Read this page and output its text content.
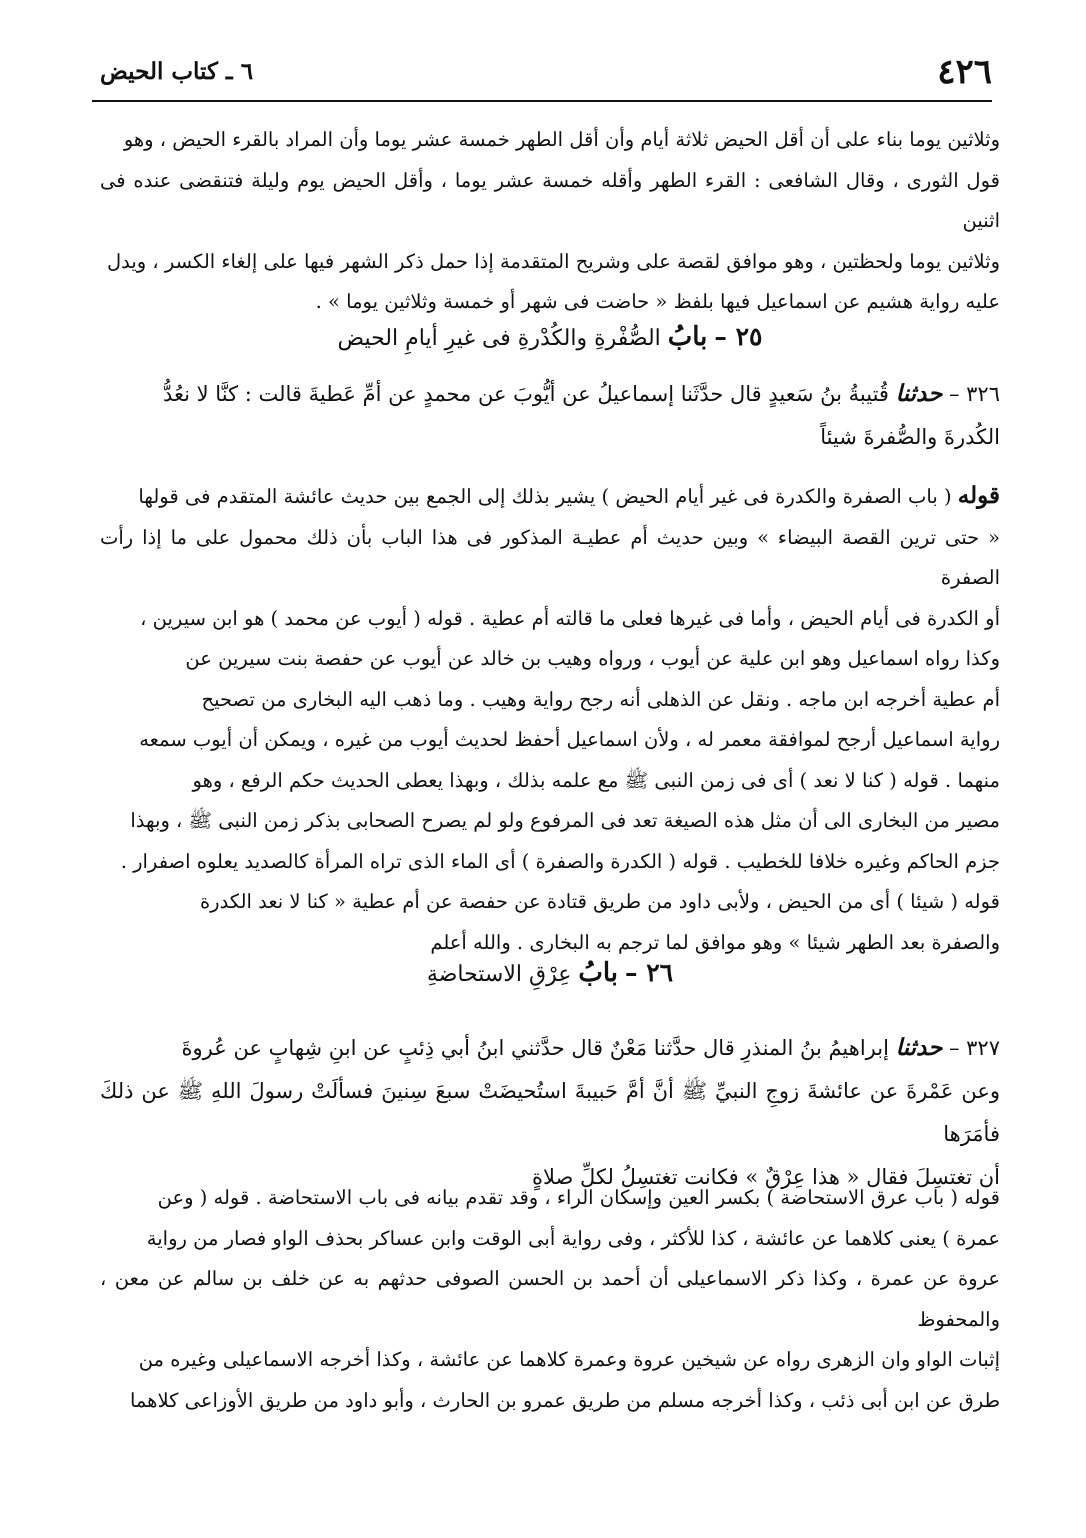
٤٢٦
٦ ـ كتاب الحيض
وثلاثين يوما بناء على أن أقل الحيض ثلاثة أيام وأن أقل الطهر خمسة عشر يوما وأن المراد بالقرء الحيض ، وهو
قول الثورى ، وقال الشافعى : القرء الطهر وأقله خمسة عشر يوما ، وأقل الحيض يوم وليلة فتنقضى عنده فى اثنين
وثلاثين يوما ولحظتين ، وهو موافق لقصة على وشريح المتقدمة إذا حمل ذكر الشهر فيها على إلغاء الكسر ، ويدل
عليه رواية هشيم عن اسماعيل فيها بلفظ « حاضت فى شهر أو خمسة وثلاثين يوما » .
٢٥ – بابُ الصُّفْرةِ والكُدْرةِ فى غيرِ أيامِ الحيض
٣٢٦ – حدثنا قُتيبةُ بنُ سَعيدٍ قال حدَّثَنا إسماعيلُ عن أيُّوبَ عن محمدٍ عن أمِّ عَطيةَ قالت : كنَّا لا نعُدُّ
الكُدرةَ والصُّفرةَ شيئاً
قوله ( باب الصفرة والكدرة فى غير أيام الحيض ) يشير بذلك إلى الجمع بين حديث عائشة المتقدم فى قولها
« حتى ترين القصة البيضاء » وبين حديث أم عطيـة المذكور فى هذا الباب بأن ذلك محمول على ما إذا رأت الصفرة
أو الكدرة فى أيام الحيض ، وأما فى غيرها فعلى ما قالته أم عطية . قوله ( أيوب عن محمد ) هو ابن سيرين ،
وكذا رواه اسماعيل وهو ابن علية عن أيوب ، ورواه وهيب بن خالد عن أيوب عن حفصة بنت سيرين عن
أم عطية أخرجه ابن ماجه . ونقل عن الذهلى أنه رجح رواية وهيب . وما ذهب اليه البخارى من تصحيح
رواية اسماعيل أرجح لموافقة معمر له ، ولأن اسماعيل أحفظ لحديث أيوب من غيره ، ويمكن أن أيوب سمعه
منهما . قوله ( كنا لا نعد ) أى فى زمن النبى ﷺ مع علمه بذلك ، وبهذا يعطى الحديث حكم الرفع ، وهو
مصير من البخارى الى أن مثل هذه الصيغة تعد فى المرفوع ولو لم يصرح الصحابى بذكر زمن النبى ﷺ ، وبهذا
جزم الحاكم وغيره خلافا للخطيب . قوله ( الكدرة والصفرة ) أى الماء الذى تراه المرأة كالصديد يعلوه اصفرار .
قوله ( شيئا ) أى من الحيض ، ولأبى داود من طريق قتادة عن حفصة عن أم عطية « كنا لا نعد الكدرة
والصفرة بعد الطهر شيئا » وهو موافق لما ترجم به البخارى . والله أعلم
٢٦ – بابُ عِرْقِ الاستحاضةِ
٣٢٧ – حدثنا إبراهيمُ بنُ المنذرِ قال حدَّثنا مَعْنٌ قال حدَّثني ابنُ أبي ذِئبٍ عن ابنِ شِهابٍ عن عُروةَ
وعن عَمْرةَ عن عائشةَ زوجِ النبيِّ ﷺ أنَّ أمَّ حَبيبةَ استُحيضَتْ سبعَ سِنينَ فسألَتْ رسولَ اللهِ ﷺ عن ذلكَ فأمَرَها
أن تغتسِلَ فقال « هذا عِرْقٌ » فكانت تغتسِلُ لكلِّ صلاةٍ
قوله ( باب عرق الاستحاضة ) بكسر العين وإسكان الراء ، وقد تقدم بيانه فى باب الاستحاضة . قوله ( وعن
عمرة ) يعنى كلاهما عن عائشة ، كذا للأكثر ، وفى رواية أبى الوقت وابن عساكر بحذف الواو فصار من رواية
عروة عن عمرة ، وكذا ذكر الاسماعيلى أن أحمد بن الحسن الصوفى حدثهم به عن خلف بن سالم عن معن ، والمحفوظ
إثبات الواو وان الزهرى رواه عن شيخين عروة وعمرة كلاهما عن عائشة ، وكذا أخرجه الاسماعيلى وغيره من
طرق عن ابن أبى ذئب ، وكذا أخرجه مسلم من طريق عمرو بن الحارث ، وأبو داود من طريق الأوزاعى كلاهما
